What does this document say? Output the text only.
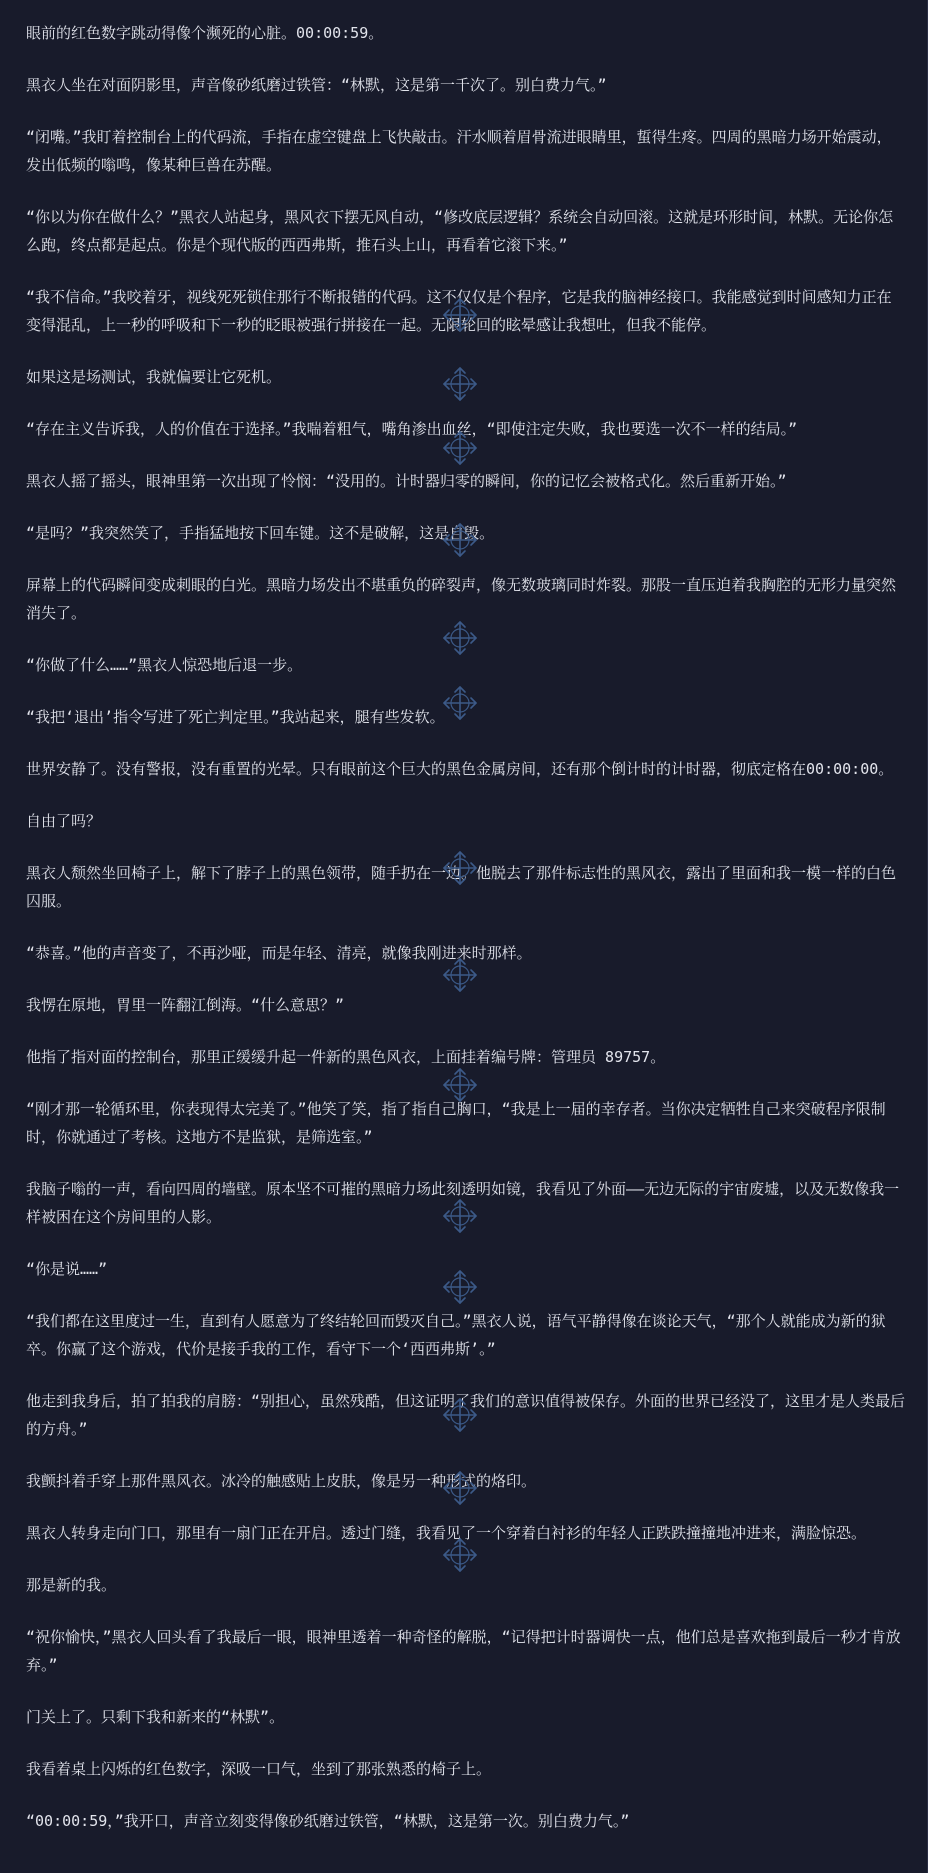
眼前的红色数字跳动得像个濒死的心脏。00:00:59。

黑衣人坐在对面阴影里，声音像砂纸磨过铁管：“林默，这是第一千次了。别白费力气。”

“闭嘴。”我盯着控制台上的代码流，手指在虚空键盘上飞快敲击。汗水顺着眉骨流进眼睛里，蜇得生疼。四周的黑暗力场开始震动，发出低频的嗡鸣，像某种巨兽在苏醒。

“你以为你在做什么？”黑衣人站起身，黑风衣下摆无风自动，“修改底层逻辑？系统会自动回滚。这就是环形时间，林默。无论你怎么跑，终点都是起点。你是个现代版的西西弗斯，推石头上山，再看着它滚下来。”

“我不信命。”我咬着牙，视线死死锁住那行不断报错的代码。这不仅仅是个程序，它是我的脑神经接口。我能感觉到时间感知力正在变得混乱，上一秒的呼吸和下一秒的眨眼被强行拼接在一起。无限轮回的眩晕感让我想吐，但我不能停。

如果这是场测试，我就偏要让它死机。

“存在主义告诉我，人的价值在于选择。”我喘着粗气，嘴角渗出血丝，“即使注定失败，我也要选一次不一样的结局。”

黑衣人摇了摇头，眼神里第一次出现了怜悯：“没用的。计时器归零的瞬间，你的记忆会被格式化。然后重新开始。”

“是吗？”我突然笑了，手指猛地按下回车键。这不是破解，这是自毁。

屏幕上的代码瞬间变成刺眼的白光。黑暗力场发出不堪重负的碎裂声，像无数玻璃同时炸裂。那股一直压迫着我胸腔的无形力量突然消失了。

“你做了什么……”黑衣人惊恐地后退一步。

“我把‘退出’指令写进了死亡判定里。”我站起来，腿有些发软。

世界安静了。没有警报，没有重置的光晕。只有眼前这个巨大的黑色金属房间，还有那个倒计时的计时器，彻底定格在00:00:00。

自由了吗？

黑衣人颓然坐回椅子上，解下了脖子上的黑色领带，随手扔在一边。他脱去了那件标志性的黑风衣，露出了里面和我一模一样的白色囚服。

“恭喜。”他的声音变了，不再沙哑，而是年轻、清亮，就像我刚进来时那样。

我愣在原地，胃里一阵翻江倒海。“什么意思？”

他指了指对面的控制台，那里正缓缓升起一件新的黑色风衣，上面挂着编号牌：管理员 89757。

“刚才那一轮循环里，你表现得太完美了。”他笑了笑，指了指自己胸口，“我是上一届的幸存者。当你决定牺牲自己来突破程序限制时，你就通过了考核。这地方不是监狱，是筛选室。”

我脑子嗡的一声，看向四周的墙壁。原本坚不可摧的黑暗力场此刻透明如镜，我看见了外面——无边无际的宇宙废墟，以及无数像我一样被困在这个房间里的人影。

“你是说……”

“我们都在这里度过一生，直到有人愿意为了终结轮回而毁灭自己。”黑衣人说，语气平静得像在谈论天气，“那个人就能成为新的狱卒。你赢了这个游戏，代价是接手我的工作，看守下一个‘西西弗斯’。”

他走到我身后，拍了拍我的肩膀：“别担心，虽然残酷，但这证明了我们的意识值得被保存。外面的世界已经没了，这里才是人类最后的方舟。”

我颤抖着手穿上那件黑风衣。冰冷的触感贴上皮肤，像是另一种形式的烙印。

黑衣人转身走向门口，那里有一扇门正在开启。透过门缝，我看见了一个穿着白衬衫的年轻人正跌跌撞撞地冲进来，满脸惊恐。

那是新的我。

“祝你愉快，”黑衣人回头看了我最后一眼，眼神里透着一种奇怪的解脱，“记得把计时器调快一点，他们总是喜欢拖到最后一秒才肯放弃。”

门关上了。只剩下我和新来的“林默”。

我看着桌上闪烁的红色数字，深吸一口气，坐到了那张熟悉的椅子上。

“00:00:59，”我开口，声音立刻变得像砂纸磨过铁管，“林默，这是第一次。别白费力气。”
